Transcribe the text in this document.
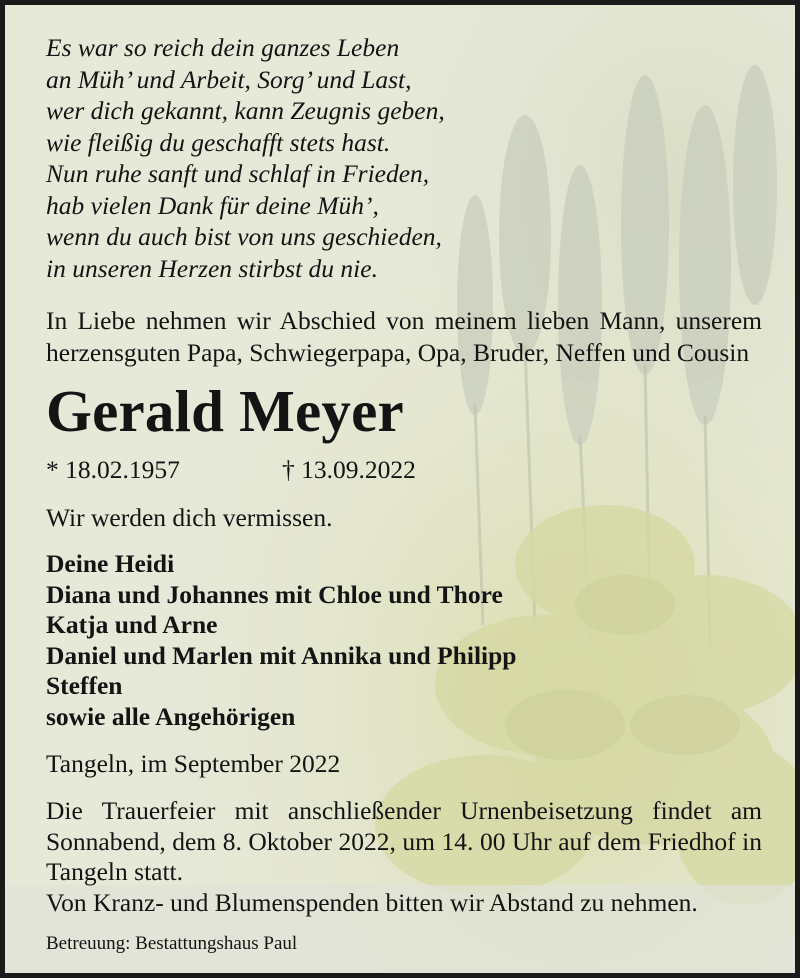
Es war so reich dein ganzes Leben
an Müh’ und Arbeit, Sorg’ und Last,
wer dich gekannt, kann Zeugnis geben,
wie fleißig du geschafft stets hast.
Nun ruhe sanft und schlaf in Frieden,
hab vielen Dank für deine Müh’,
wenn du auch bist von uns geschieden,
in unseren Herzen stirbst du nie.
In Liebe nehmen wir Abschied von meinem lieben Mann, unserem herzensguten Papa, Schwiegerpapa, Opa, Bruder, Neffen und Cousin
Gerald Meyer
* 18.02.1957	† 13.09.2022
Wir werden dich vermissen.
Deine Heidi
Diana und Johannes mit Chloe und Thore
Katja und Arne
Daniel und Marlen mit Annika und Philipp
Steffen
sowie alle Angehörigen
Tangeln, im September 2022
Die Trauerfeier mit anschließender Urnenbeisetzung findet am Sonnabend, dem 8. Oktober 2022, um 14. 00 Uhr auf dem Friedhof in Tangeln statt.
Von Kranz- und Blumenspenden bitten wir Abstand zu nehmen.
Betreuung: Bestattungshaus Paul
